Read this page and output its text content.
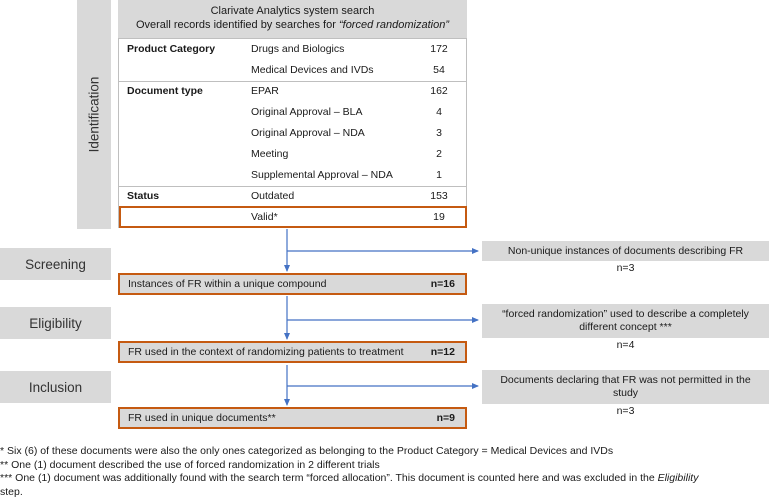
Identification
Clarivate Analytics system search
Overall records identified by searches for “forced randomization”
Product Category	Drugs and Biologics	172
Medical Devices and IVDs	54
Document type	EPAR	162
Original Approval – BLA	4
Original Approval – NDA	3
Meeting	2
Supplemental Approval – NDA	1
Status	Outdated	153
Valid*	19
Screening
Non-unique instances of documents describing FR
n=3
Instances of FR within a unique compound	n=16
Eligibility
“forced randomization” used to describe a completely different concept ***
n=4
FR used in the context of randomizing patients to treatment	n=12
Inclusion	Documents declaring that FR was not permitted in the study
n=3
FR used in unique documents**	n=9
* Six (6) of these documents were also the only ones categorized as belonging to the Product Category = Medical Devices and IVDs
** One (1) document described the use of forced randomization in 2 different trials
*** One (1) document was additionally found with the search term “forced allocation”. This document is counted here and was excluded in the Eligibility
step.
